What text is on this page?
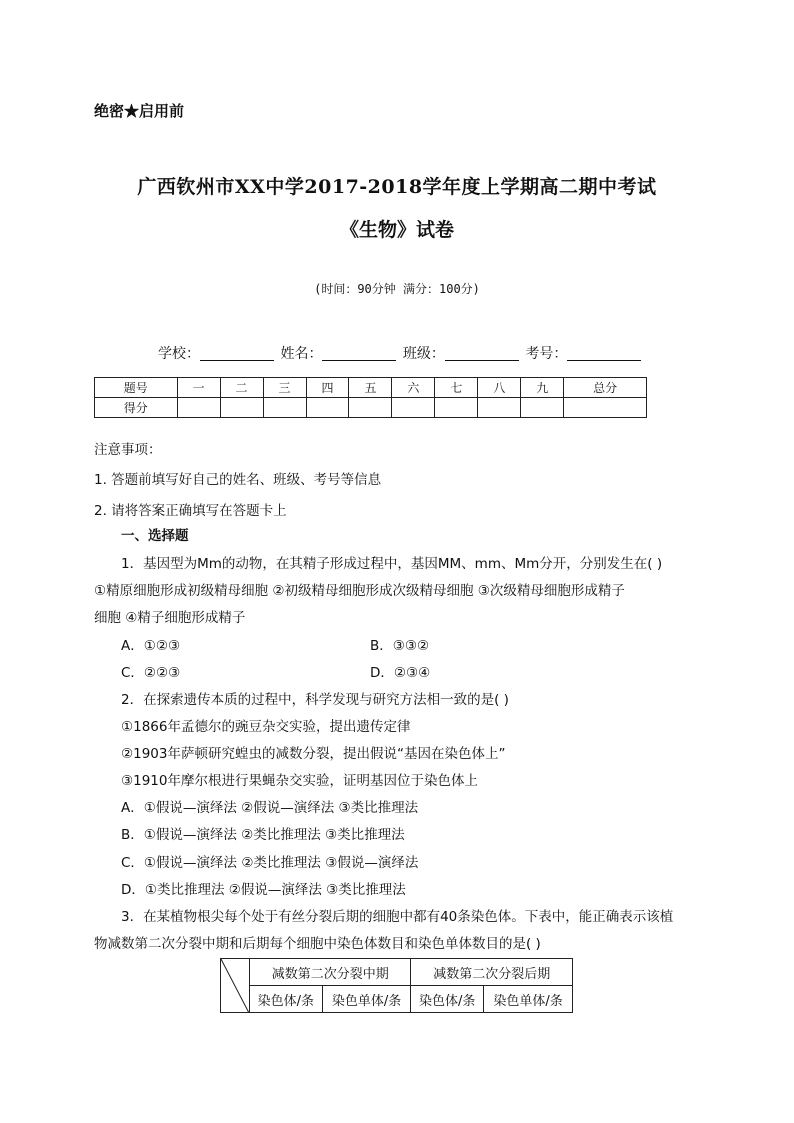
绝密★启用前
广西钦州市XX中学2017-2018学年度上学期高二期中考试
《生物》试卷
(时间：90分钟 满分：100分)
学校：	姓名：	班级：	考号：
题号	一	二	三	四	五	六	七	八	九	总分
得分										
注意事项：
1. 答题前填写好自己的姓名、班级、考号等信息
2. 请将答案正确填写在答题卡上
一、选择题
1．基因型为Mm的动物，在其精子形成过程中，基因MM、mm、Mm分开，分别发生在( )
①精原细胞形成初级精母细胞 ②初级精母细胞形成次级精母细胞 ③次级精母细胞形成精子
细胞 ④精子细胞形成精子
A．①②③	B．③③②
C．②②③	D．②③④
2．在探索遗传本质的过程中，科学发现与研究方法相一致的是( )
①1866年孟德尔的豌豆杂交实验，提出遗传定律
②1903年萨顿研究蝗虫的减数分裂，提出假说“基因在染色体上”
③1910年摩尔根进行果蝇杂交实验，证明基因位于染色体上
A．①假说—演绎法 ②假说—演绎法 ③类比推理法
B．①假说—演绎法 ②类比推理法 ③类比推理法
C．①假说—演绎法 ②类比推理法 ③假说—演绎法
D．①类比推理法 ②假说—演绎法 ③类比推理法
3．在某植物根尖每个处于有丝分裂后期的细胞中都有40条染色体。下表中，能正确表示该植
物减数第二次分裂中期和后期每个细胞中染色体数目和染色单体数目的是( )
	减数第二次分裂中期		减数第二次分裂后期	
	染色体/条	染色单体/条	染色体/条	染色单体/条
